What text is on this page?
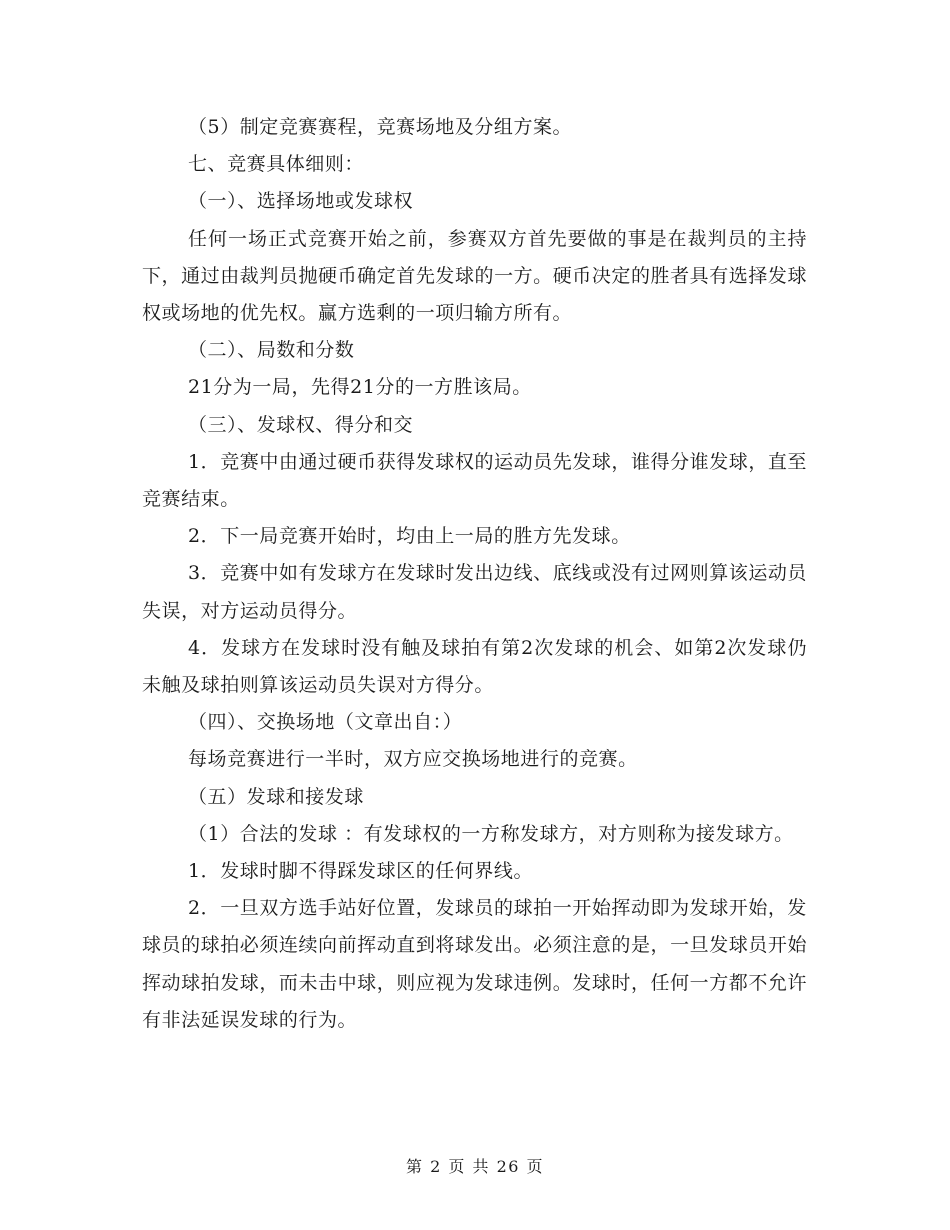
（5）制定竞赛赛程，竞赛场地及分组方案。

七、竞赛具体细则：

（一）、选择场地或发球权

任何一场正式竞赛开始之前，参赛双方首先要做的事是在裁判员的主持下，通过由裁判员抛硬币确定首先发球的一方。硬币决定的胜者具有选择发球权或场地的优先权。赢方选剩的一项归输方所有。

（二）、局数和分数

21分为一局，先得21分的一方胜该局。

（三）、发球权、得分和交

1．竞赛中由通过硬币获得发球权的运动员先发球，谁得分谁发球，直至竞赛结束。

2．下一局竞赛开始时，均由上一局的胜方先发球。

3．竞赛中如有发球方在发球时发出边线、底线或没有过网则算该运动员失误，对方运动员得分。

4．发球方在发球时没有触及球拍有第2次发球的机会、如第2次发球仍未触及球拍则算该运动员失误对方得分。

（四）、交换场地（文章出自：）

每场竞赛进行一半时，双方应交换场地进行的竞赛。

（五）发球和接发球

（1）合法的发球 ：有发球权的一方称发球方，对方则称为接发球方。

1．发球时脚不得踩发球区的任何界线。

2．一旦双方选手站好位置，发球员的球拍一开始挥动即为发球开始，发球员的球拍必须连续向前挥动直到将球发出。必须注意的是，一旦发球员开始挥动球拍发球，而未击中球，则应视为发球违例。发球时，任何一方都不允许有非法延误发球的行为。

第 2 页 共 26 页
